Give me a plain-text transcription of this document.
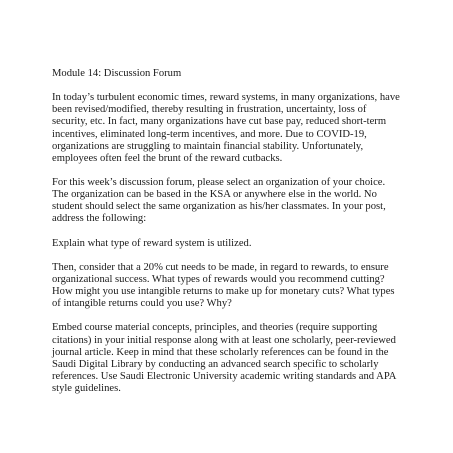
Module 14: Discussion Forum

In today’s turbulent economic times, reward systems, in many organizations, have been revised/modified, thereby resulting in frustration, uncertainty, loss of security, etc. In fact, many organizations have cut base pay, reduced short-term incentives, eliminated long-term incentives, and more. Due to COVID-19, organizations are struggling to maintain financial stability. Unfortunately, employees often feel the brunt of the reward cutbacks.

For this week’s discussion forum, please select an organization of your choice. The organization can be based in the KSA or anywhere else in the world. No student should select the same organization as his/her classmates. In your post, address the following:

Explain what type of reward system is utilized.

Then, consider that a 20% cut needs to be made, in regard to rewards, to ensure organizational success. What types of rewards would you recommend cutting? How might you use intangible returns to make up for monetary cuts? What types of intangible returns could you use? Why?

Embed course material concepts, principles, and theories (require supporting citations) in your initial response along with at least one scholarly, peer-reviewed journal article. Keep in mind that these scholarly references can be found in the Saudi Digital Library by conducting an advanced search specific to scholarly references. Use Saudi Electronic University academic writing standards and APA style guidelines.
